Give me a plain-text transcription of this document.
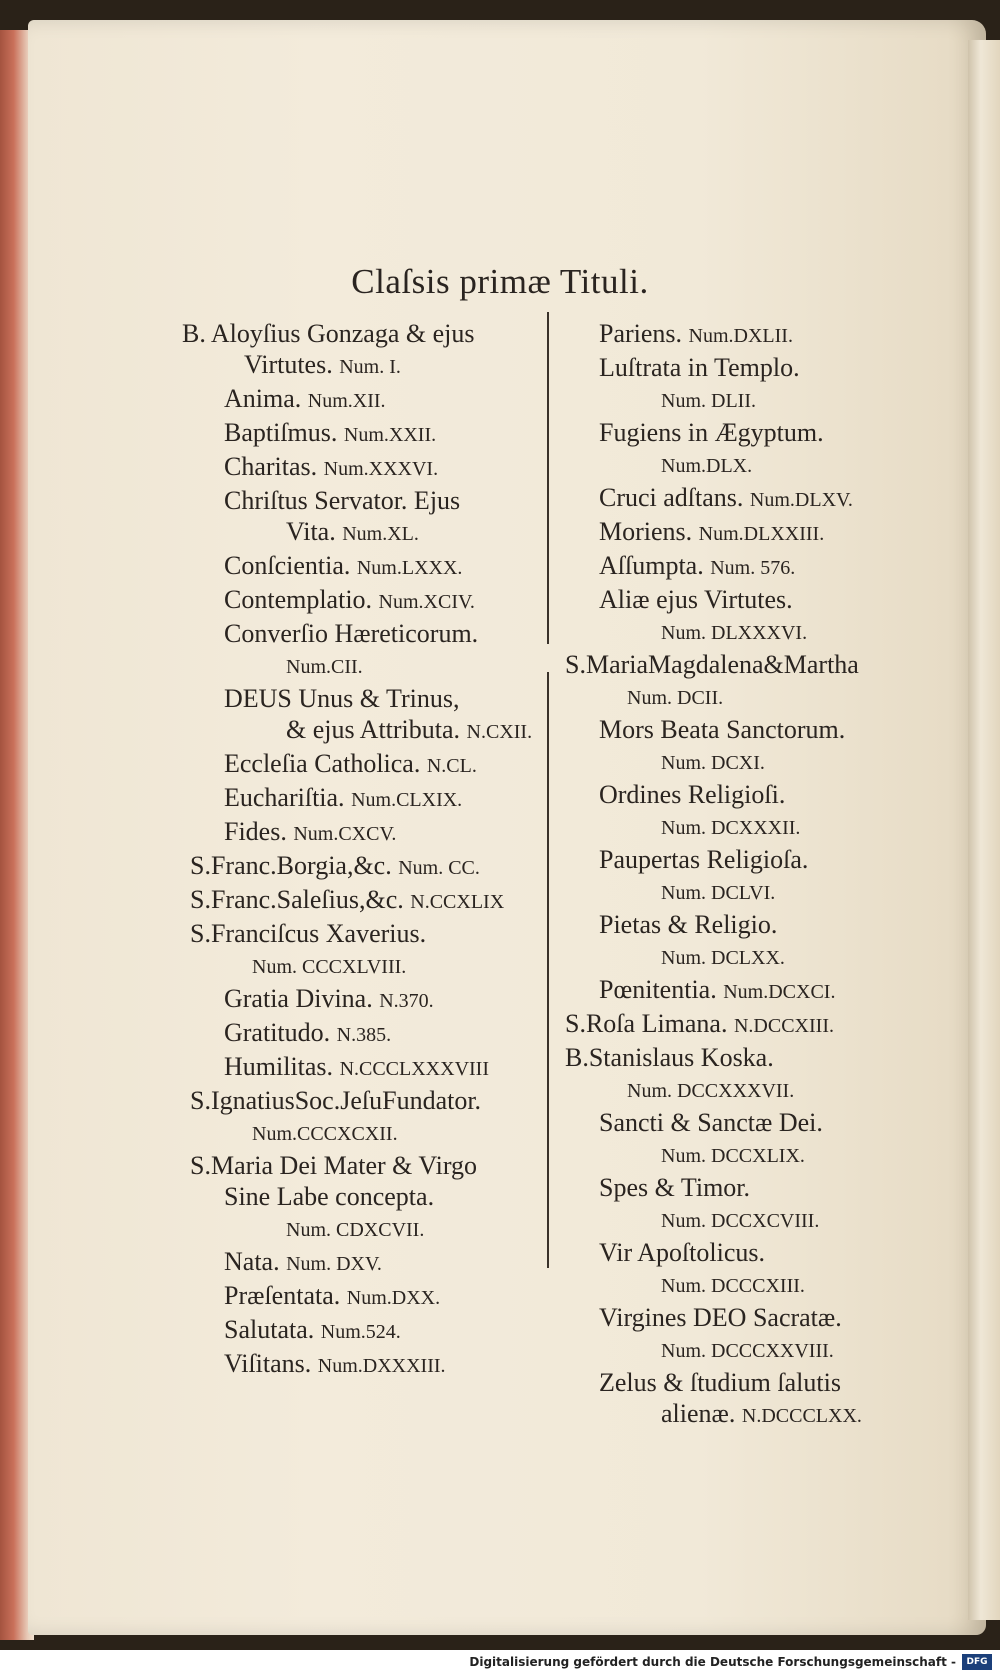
Claſsis primæ Tituli.
B. Aloyſius Gonzaga & ejus
Virtutes. Num. I.
Anima. Num.XII.
Baptiſmus. Num.XXII.
Charitas. Num.XXXVI.
Chriſtus Servator. Ejus
Vita. Num.XL.
Conſcientia. Num.LXXX.
Contemplatio. Num.XCIV.
Converſio Hæreticorum.
Num.CII.
DEUS Unus & Trinus,
& ejus Attributa. N.CXII.
Eccleſia Catholica. N.CL.
Euchariſtia. Num.CLXIX.
Fides. Num.CXCV.
S.Franc.Borgia,&c. Num. CC.
S.Franc.Saleſius,&c. N.CCXLIX
S.Franciſcus Xaverius.
Num. CCCXLVIII.
Gratia Divina. N.370.
Gratitudo. N.385.
Humilitas. N.CCCLXXXVIII
S.IgnatiusSoc.JeſuFundator.
Num.CCCXCXII.
S.Maria Dei Mater & Virgo
Sine Labe concepta.
Num. CDXCVII.
Nata. Num. DXV.
Præſentata. Num.DXX.
Salutata. Num.524.
Viſitans. Num.DXXXIII.
Pariens. Num.DXLII.
Luſtrata in Templo.
Num. DLII.
Fugiens in Ægyptum.
Num.DLX.
Cruci adſtans. Num.DLXV.
Moriens. Num.DLXXIII.
Aſſumpta. Num. 576.
Aliæ ejus Virtutes.
Num. DLXXXVI.
S.MariaMagdalena&Martha
Num. DCII.
Mors Beata Sanctorum.
Num. DCXI.
Ordines Religioſi.
Num. DCXXXII.
Paupertas Religioſa.
Num. DCLVI.
Pietas & Religio.
Num. DCLXX.
Pœnitentia. Num.DCXCI.
S.Roſa Limana. N.DCCXIII.
B.Stanislaus Koska.
Num. DCCXXXVII.
Sancti & Sanctæ Dei.
Num. DCCXLIX.
Spes & Timor.
Num. DCCXCVIII.
Vir Apoſtolicus.
Num. DCCCXIII.
Virgines DEO Sacratæ.
Num. DCCCXXVIII.
Zelus & ſtudium ſalutis
alienæ. N.DCCCLXX.
Digitalisierung gefördert durch die Deutsche Forschungsgemeinschaft -	DFG
